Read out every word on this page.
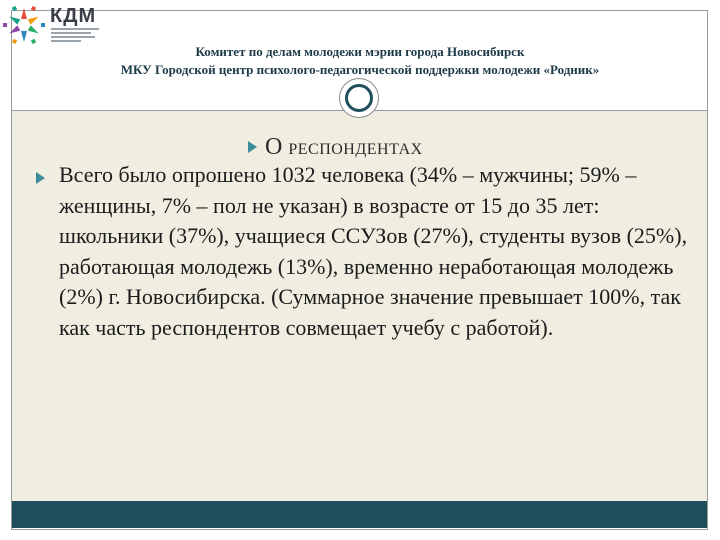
КДМ
Комитет по делам молодежи мэрии города Новосибирск
МКУ Городской центр психолого-педагогической поддержки молодежи «Родник»
О РЕСПОНДЕНТАХ
Всего было опрошено 1032 человека (34% – мужчины; 59% – женщины, 7% – пол не указан) в возрасте от 15 до 35 лет: школьники (37%), учащиеся ССУЗов (27%), студенты вузов (25%), работающая молодежь (13%), временно неработающая молодежь (2%) г. Новосибирска. (Суммарное значение превышает 100%, так как часть респондентов совмещает учебу с работой).
